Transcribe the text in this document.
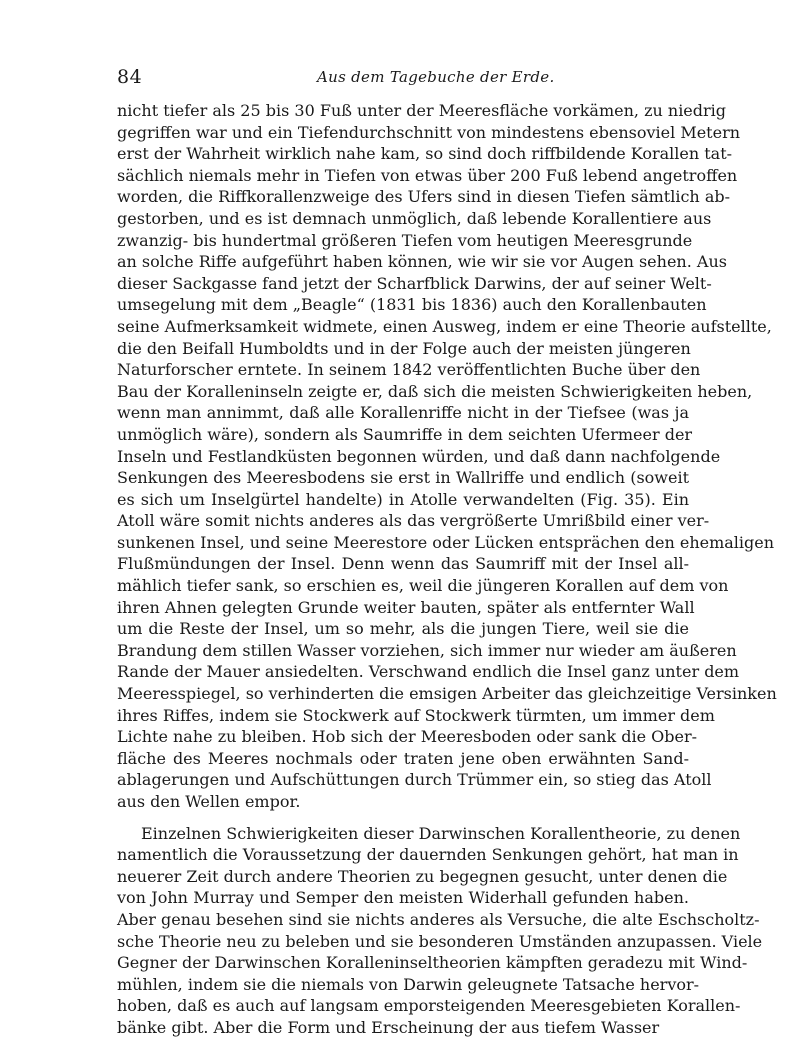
84	Aus dem Tagebuche der Erde.
nicht tiefer als 25 bis 30 Fuß unter der Meeresfläche vorkämen, zu niedrig
gegriffen war und ein Tiefendurchschnitt von mindestens ebensoviel Metern
erst der Wahrheit wirklich nahe kam, so sind doch riffbildende Korallen tat-
sächlich niemals mehr in Tiefen von etwas über 200 Fuß lebend angetroffen
worden, die Riffkorallenzweige des Ufers sind in diesen Tiefen sämtlich ab-
gestorben, und es ist demnach unmöglich, daß lebende Korallentiere aus
zwanzig- bis hundertmal größeren Tiefen vom heutigen Meeresgrunde
an solche Riffe aufgeführt haben können, wie wir sie vor Augen sehen. Aus
dieser Sackgasse fand jetzt der Scharfblick Darwins, der auf seiner Welt-
umsegelung mit dem „Beagle“ (1831 bis 1836) auch den Korallenbauten
seine Aufmerksamkeit widmete, einen Ausweg, indem er eine Theorie aufstellte,
die den Beifall Humboldts und in der Folge auch der meisten jüngeren
Naturforscher erntete. In seinem 1842 veröffentlichten Buche über den
Bau der Koralleninseln zeigte er, daß sich die meisten Schwierigkeiten heben,
wenn man annimmt, daß alle Korallenriffe nicht in der Tiefsee (was ja
unmöglich wäre), sondern als Saumriffe in dem seichten Ufermeer der
Inseln und Festlandküsten begonnen würden, und daß dann nachfolgende
Senkungen des Meeresbodens sie erst in Wallriffe und endlich (soweit
es sich um Inselgürtel handelte) in Atolle verwandelten (Fig. 35). Ein
Atoll wäre somit nichts anderes als das vergrößerte Umrißbild einer ver-
sunkenen Insel, und seine Meerestore oder Lücken entsprächen den ehemaligen
Flußmündungen der Insel. Denn wenn das Saumriff mit der Insel all-
mählich tiefer sank, so erschien es, weil die jüngeren Korallen auf dem von
ihren Ahnen gelegten Grunde weiter bauten, später als entfernter Wall
um die Reste der Insel, um so mehr, als die jungen Tiere, weil sie die
Brandung dem stillen Wasser vorziehen, sich immer nur wieder am äußeren
Rande der Mauer ansiedelten. Verschwand endlich die Insel ganz unter dem
Meeresspiegel, so verhinderten die emsigen Arbeiter das gleichzeitige Versinken
ihres Riffes, indem sie Stockwerk auf Stockwerk türmten, um immer dem
Lichte nahe zu bleiben. Hob sich der Meeresboden oder sank die Ober-
fläche des Meeres nochmals oder traten jene oben erwähnten Sand-
ablagerungen und Aufschüttungen durch Trümmer ein, so stieg das Atoll
aus den Wellen empor.
Einzelnen Schwierigkeiten dieser Darwinschen Korallentheorie, zu denen
namentlich die Voraussetzung der dauernden Senkungen gehört, hat man in
neuerer Zeit durch andere Theorien zu begegnen gesucht, unter denen die
von John Murray und Semper den meisten Widerhall gefunden haben.
Aber genau besehen sind sie nichts anderes als Versuche, die alte Eschscholtz-
sche Theorie neu zu beleben und sie besonderen Umständen anzupassen. Viele
Gegner der Darwinschen Koralleninseltheorien kämpften geradezu mit Wind-
mühlen, indem sie die niemals von Darwin geleugnete Tatsache hervor-
hoben, daß es auch auf langsam emporsteigenden Meeresgebieten Korallen-
bänke gibt. Aber die Form und Erscheinung der aus tiefem Wasser
